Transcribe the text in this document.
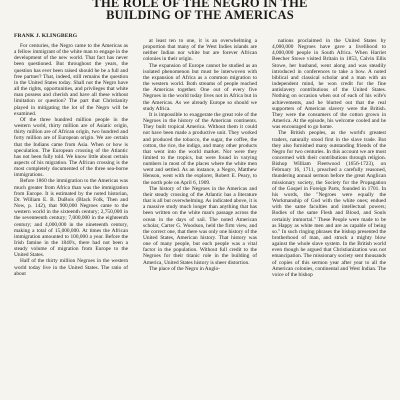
THE ROLE OF THE NEGRO IN THE
BUILDING OF THE AMERICAS
FRANK J. KLINGBERG

For centuries, the Negro came to the Americas as a fellow immigrant of the white man to engage in the development of the new world. That fact has never been questioned. But throughout the years, the question has ever been raised should he be a full and free partner? That, indeed, still remains the question in the United States today. Shall not the Negro have all the rights, opportunities, and privileges that white man possess and cherish and have all these without limitation or question? The part that Christianity played in mitigating the lot of the Negro will be examined.

Of the three hundred million people in the western world, thirty million are of Asiatic origin, thirty million are of African origin, two hundred and forty million are of European origin. We are certain that the Indians came from Asia. When or how is speculation. The European crossing of the Atlantic has not been fully told. We know little about certain aspects of his migration. The African crossing is the most completely documented of the three sea-borne immigrations.

Before 1860 the immigration to the Americas was much greater from Africa than was the immigration from Europe. It is estimated by the noted historian, Dr. William E. B. DuBois (Black Folk, Then and Now, p. 142), that 900,000 Negroes came to the western world in the sixteenth century; 2,750,000 in the seventeenth century; 7,000,000 in the eighteenth century; and 4,000,000 in the nineteenth century, making a total of 15,000,000. At times the African immigration amounted to 100,000 a year. Before the Irish famine in the 1840's, there had not been a steady volume of migration from Europe to the United States.

Half of the thirty million Negroes in the western world today live in the United States. The ratio of about

at least ten to one, it is an overwhelming a proportion that many of the West Indies islands are neither Indian nor white but are forever African colonies in their origin.

The expansion of Europe cannot be studied as an isolated phenomenon but must be interwoven with the expansion of Africa as a common migration to the western world. Both streams of people reached the Americas together. One out of every five Negroes in the world today lives not in Africa but in the Americas. As we already Europe so should we study Africa.

It is impossible to exaggerate the great role of the Negroes in the history of the American continents. They built tropical America. Without them it could not have been made a productive unit. They worked and produced the tobacco, the sugar, the coffee, the cotton, the rice, the indigo, and many other products that went into the world market. Nor were they limited to the tropics, but were found in varying numbers in most of the places where the white men went and settled. As an instance, a Negro, Matthew Henson, went with the explorer, Robert E. Peary, to the north pole on April 6, 1909.

The history of the Negroes in the Americas and their steady crossing of the Atlantic has a literature that is all but overwhelming. As indicated above, it is a massive study much longer than anything that has been written on the white man's passage across the ocean in the days of sail. The noted American scholar, Carter G. Woodson, held the firm view, and the correct one, that there was only one history of the United States, American history. That history was one of many people, but each people was a vital factor in the population. Without full credit to the Negroes for their titanic role in the building of America, United States history is sheer distortion.

The place of the Negro in Anglo-

nations proclaimed in the United States by 4,000,000 Negroes have gave a livelihood to 4,000,000 people in South Africa. When Harriet Beecher Stowe visited Britain in 1853, Calvin Ellis Stowe, her husband, went along and was steadily introduced in conferences to take a bow. A noted biblical and classical scholar and a man with an independent mind, he won credit for the fine antislavery contributions of the United States. Nothing on occasion when out of each of his wife's achievements, and he blurted out that the real supporters of American slavery were the British. They were the consumers of the cotton grown in America. At the episode, his welcome cooled and he was encouraged to go home.

The British peoples, as the world's greatest traders, naturally stood first in the slave trade. But they also furnished many outstanding friends of the Negro for two centuries. In this account we are most concerned with their contributions through religion. Bishop William Fleetwood (1656-1723), on February 16, 1711, preached a carefully reasoned, thundering annual sermon before the great Anglican missionary society, the Society for the Propagation of the Gospel in Foreign Parts, founded in 1701. In his words, the "Negroes were equally the Workmanship of God with the white ones; endued with the same faculties and intellectual powers; Bodies of the same Flesh and Blood, and Souls certainly immortal." These People were made to be as Happy as white men and are as capable of being so." In such ringing phrases the bishop presented the brotherhood of man, and struck a mighty blow against the whole slave system. In the British world even though he argued that Christianization was not emancipation. The missionary society sent thousands of copies of this sermon year after year to all the American colonies, continental and West Indian. The voice of the bishop
